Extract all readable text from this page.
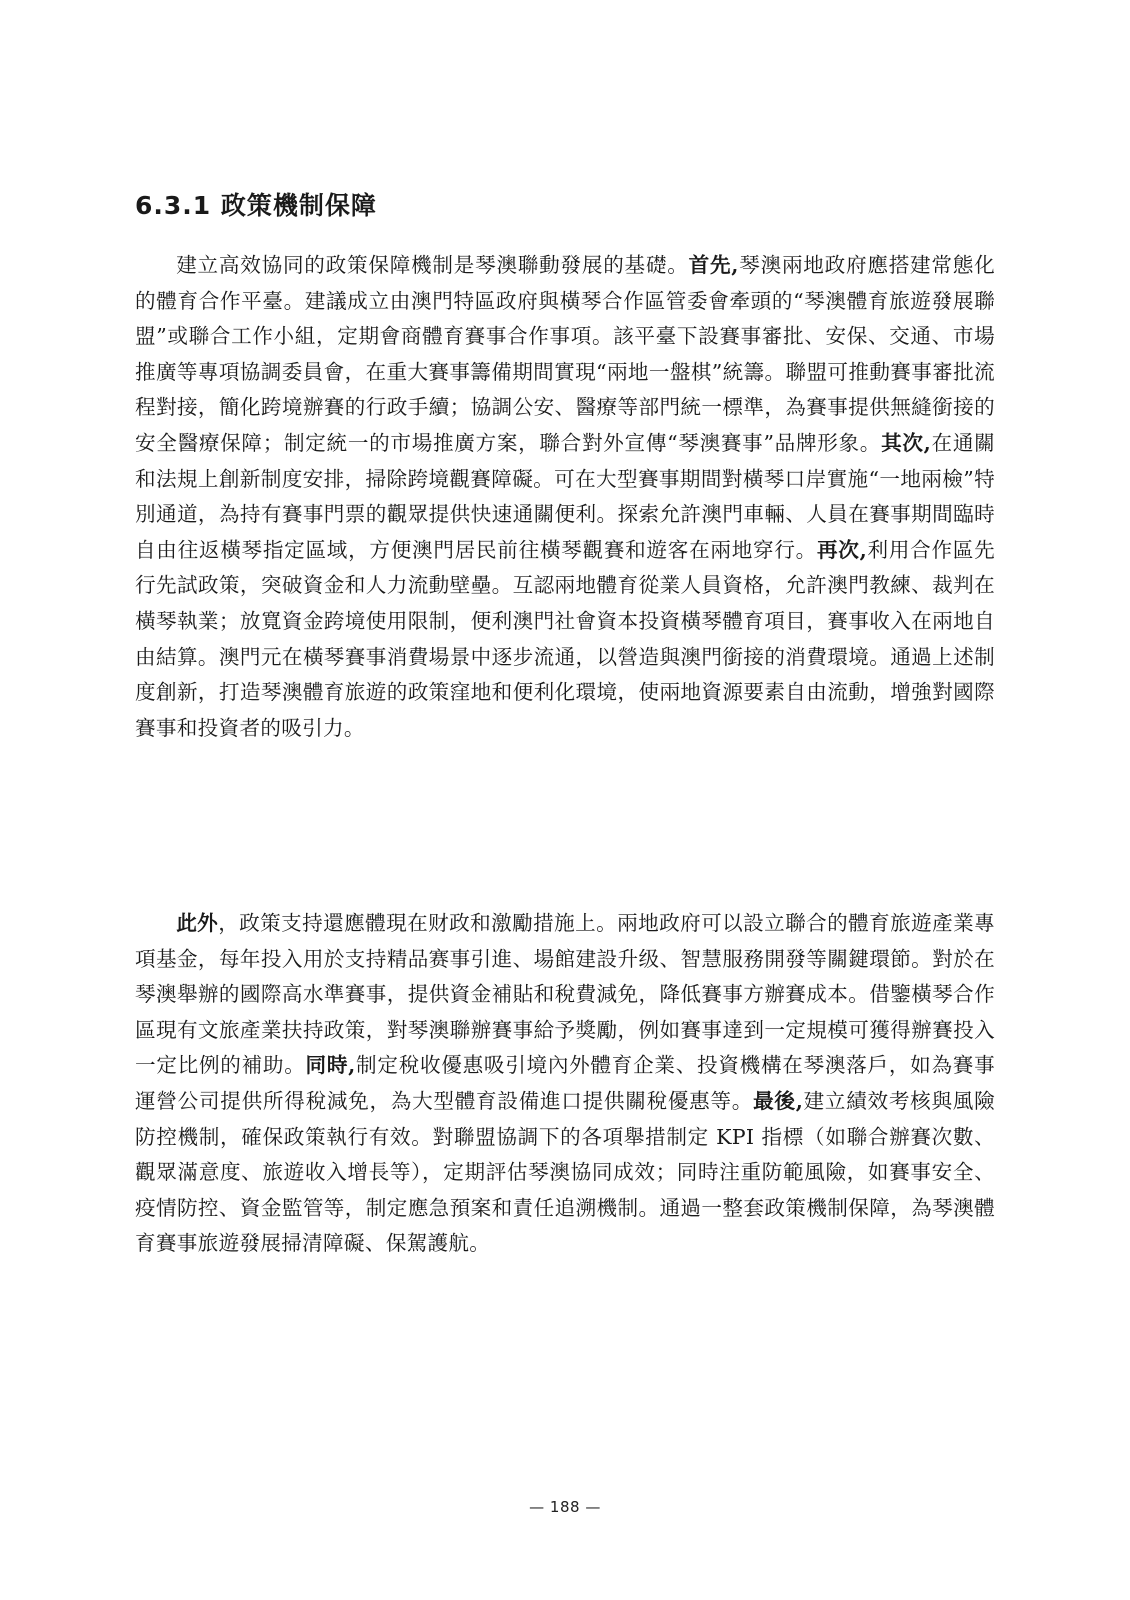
6.3.1 政策機制保障

建立高效協同的政策保障機制是琴澳聯動發展的基礎。首先,琴澳兩地政府應搭建常態化的體育合作平臺。建議成立由澳門特區政府與橫琴合作區管委會牽頭的“琴澳體育旅遊發展聯盟”或聯合工作小組，定期會商體育賽事合作事項。該平臺下設賽事審批、安保、交通、市場推廣等專項協調委員會，在重大賽事籌備期間實現“兩地一盤棋”統籌。聯盟可推動賽事審批流程對接，簡化跨境辦賽的行政手續；協調公安、醫療等部門統一標準，為賽事提供無縫銜接的安全醫療保障；制定統一的市場推廣方案，聯合對外宣傳“琴澳賽事”品牌形象。其次,在通關和法規上創新制度安排，掃除跨境觀賽障礙。可在大型賽事期間對橫琴口岸實施“一地兩檢”特別通道，為持有賽事門票的觀眾提供快速通關便利。探索允許澳門車輛、人員在賽事期間臨時自由往返橫琴指定區域，方便澳門居民前往橫琴觀賽和遊客在兩地穿行。再次,利用合作區先行先試政策，突破資金和人力流動壁壘。互認兩地體育從業人員資格，允許澳門教練、裁判在橫琴執業；放寬資金跨境使用限制，便利澳門社會資本投資橫琴體育項目，賽事收入在兩地自由結算。澳門元在橫琴賽事消費場景中逐步流通，以營造與澳門銜接的消費環境。通過上述制度創新，打造琴澳體育旅遊的政策窪地和便利化環境，使兩地資源要素自由流動，增強對國際賽事和投資者的吸引力。

此外，政策支持還應體現在财政和激勵措施上。兩地政府可以設立聯合的體育旅遊產業專項基金，每年投入用於支持精品赛事引進、場館建設升级、智慧服務開發等關鍵環節。對於在琴澳舉辦的國際高水準賽事，提供資金補貼和稅費減免，降低賽事方辦賽成本。借鑒橫琴合作區現有文旅產業扶持政策，對琴澳聯辦賽事給予獎勵，例如賽事達到一定規模可獲得辦賽投入一定比例的補助。同時,制定稅收優惠吸引境內外體育企業、投資機構在琴澳落戶，如為賽事運營公司提供所得稅減免，為大型體育設備進口提供關稅優惠等。最後,建立績效考核與風險防控機制，確保政策執行有效。對聯盟協調下的各項舉措制定 KPI 指標（如聯合辦賽次數、觀眾滿意度、旅遊收入增長等），定期評估琴澳協同成效；同時注重防範風險，如賽事安全、疫情防控、資金監管等，制定應急預案和責任追溯機制。通過一整套政策機制保障，為琴澳體育賽事旅遊發展掃清障礙、保駕護航。

— 188 —
